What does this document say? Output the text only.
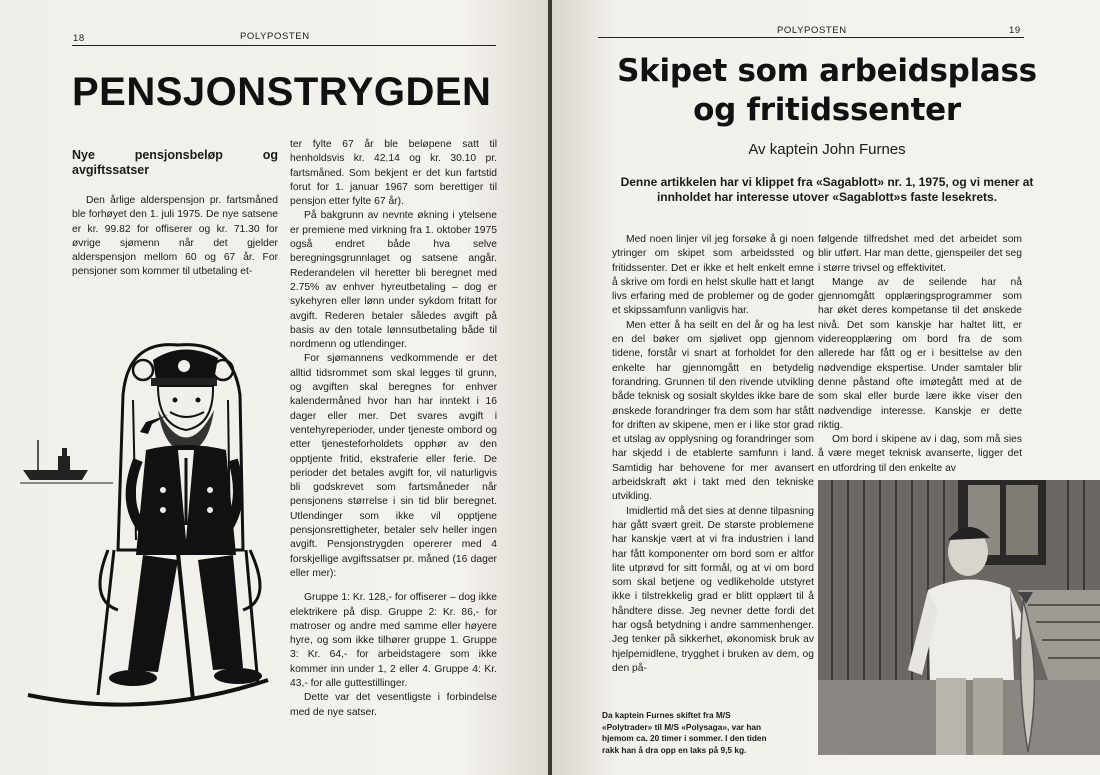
18	POLYPOSTEN
PENSJONSTRYGDEN
Nye pensjonsbeløp og avgiftssatser

Den årlige alderspensjon pr. fartsmåned ble forhøyet den 1. juli 1975. De nye satsene er kr. 99.82 for offiserer og kr. 71.30 for øvrige sjømenn når det gjelder alderspensjon mellom 60 og 67 år. For pensjoner som kommer til utbetaling et-

ter fylte 67 år ble beløpene satt til henholdsvis kr. 42.14 og kr. 30.10 pr. fartsmåned. Som bekjent er det kun fartstid forut for 1. januar 1967 som berettiger til pensjon etter fylte 67 år).

På bakgrunn av nevnte økning i ytelsene er premiene med virkning fra 1. oktober 1975 også endret både hva selve beregningsgrunnlaget og satsene angår. Rederandelen vil heretter bli beregnet med 2.75% av enhver hyreutbetaling – dog er sykehyren eller lønn under sykdom fritatt for avgift. Rederen betaler således avgift på basis av den totale lønnsutbetaling både til nordmenn og utlendinger.

For sjømannens vedkommende er det alltid tidsrommet som skal legges til grunn, og avgiften skal beregnes for enhver kalendermåned hvor han har inntekt i 16 dager eller mer. Det svares avgift i ventehyreperioder, under tjeneste ombord og etter tjenesteforholdets opphør av den opptjente fritid, ekstraferie eller ferie. De perioder det betales avgift for, vil naturligvis bli godskrevet som fartsmåneder når pensjonens størrelse i sin tid blir beregnet. Utlendinger som ikke vil opptjene pensjonsrettigheter, betaler selv heller ingen avgift. Pensjonstrygden opererer med 4 forskjellige avgiftssatser pr. måned (16 dager eller mer):

Gruppe 1: Kr. 128,- for offiserer – dog ikke elektrikere på disp. Gruppe 2: Kr. 86,- for matroser og andre med samme eller høyere hyre, og som ikke tilhører gruppe 1. Gruppe 3: Kr. 64,- for arbeidstagere som ikke kommer inn under 1, 2 eller 4. Gruppe 4: Kr. 43,- for alle guttestillinger.

Dette var det vesentligste i forbindelse med de nye satser.

POLYPOSTEN	19
Skipet som arbeidsplass og fritidssenter
Av kaptein John Furnes
Denne artikkelen har vi klippet fra «Sagablott» nr. 1, 1975, og vi mener at innholdet har interesse utover «Sagablott»s faste lesekrets.

Med noen linjer vil jeg forsøke å gi noen ytringer om skipet som arbeidssted og fritidssenter. Det er ikke et helt enkelt emne å skrive om fordi en helst skulle hatt et langt livs erfaring med de problemer og de goder et skipssamfunn vanligvis har.

Men etter å ha seilt en del år og ha lest en del bøker om sjølivet opp gjennom tidene, forstår vi snart at forholdet for den enkelte har gjennomgått en betydelig forandring. Grunnen til den rivende utvikling både teknisk og sosialt skyldes ikke bare de ønskede forandringer fra dem som har stått for driften av skipene, men er i like stor grad et utslag av opplysning og forandringer som har skjedd i de etablerte samfunn i land. Samtidig har behovene for mer avansert arbeidskraft økt i takt med den tekniske utvikling.

Imidlertid må det sies at denne tilpasning har gått svært greit. De største problemene har kanskje vært at vi fra industrien i land har fått komponenter om bord som er altfor lite utprøvd for sitt formål, og at vi om bord som skal betjene og vedlikeholde utstyret ikke i tilstrekkelig grad er blitt opplært til å håndtere disse. Jeg nevner dette fordi det har også betydning i andre sammenhenger. Jeg tenker på sikkerhet, økonomisk bruk av hjelpemidlene, trygghet i bruken av dem, og den på-

følgende tilfredshet med det arbeidet som blir utført. Har man dette, gjenspeiler det seg i større trivsel og effektivitet.

Mange av de seilende har nå gjennomgått opplæringsprogrammer som har øket deres kompetanse til det ønskede nivå. Det som kanskje har haltet litt, er videreopplæring om bord fra de som allerede har fått og er i besittelse av den nødvendige ekspertise. Under samtaler blir denne påstand ofte imøtegått med at de som skal eller burde lære ikke viser den nødvendige interesse. Kanskje er dette riktig.

Om bord i skipene av i dag, som må sies å være meget teknisk avanserte, ligger det en utfordring til den enkelte av

Da kaptein Furnes skiftet fra M/S «Polytrader» til M/S «Polysaga», var han hjemom ca. 20 timer i sommer. I den tiden rakk han å dra opp en laks på 9,5 kg.
